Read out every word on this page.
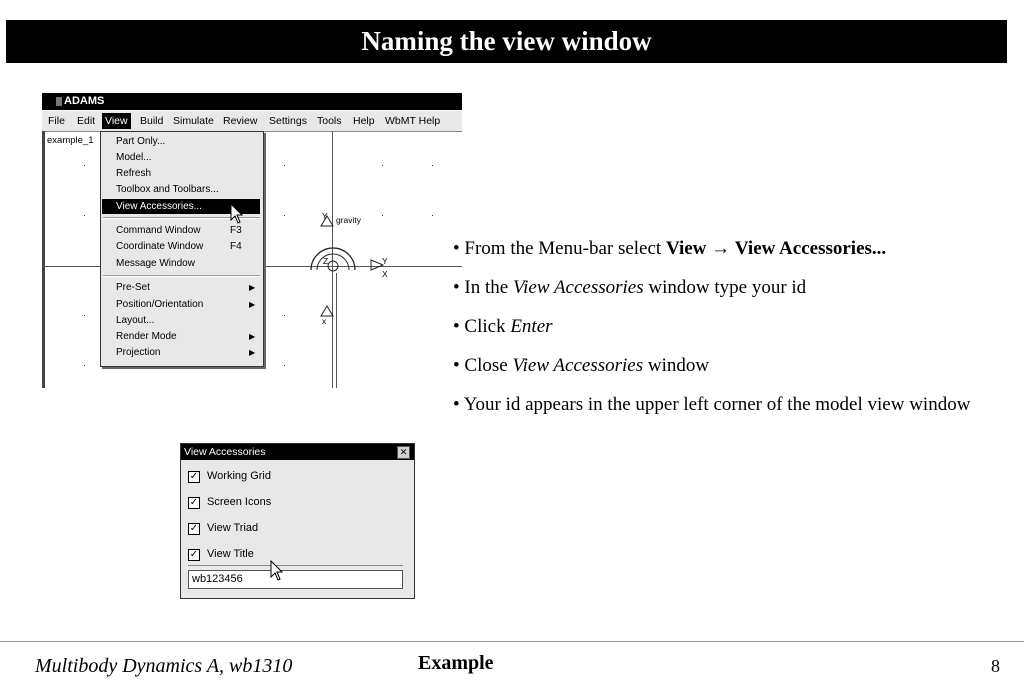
Naming the view window
ADAMS
File Edit View Build Simulate Review Settings Tools Help WbMT Help
example_1
Y gravity
Z	Y
X
x
Part Only...
Model...
Refresh
Toolbox and Toolbars...
View Accessories...
Command Window	F3
Coordinate Window	F4
Message Window
Pre-Set	▶
Position/Orientation	▶
Layout...
Render Mode	▶
Projection	▶
View Accessories	✕
✓ Working Grid
✓ Screen Icons
✓ View Triad
✓ View Title
wb123456

• From the Menu-bar select View → View Accessories...

• In the View Accessories window type your id

• Click Enter

• Close View Accessories window

• Your id appears in the upper left corner of the model view window

Multibody Dynamics A, wb1310	Example	8
